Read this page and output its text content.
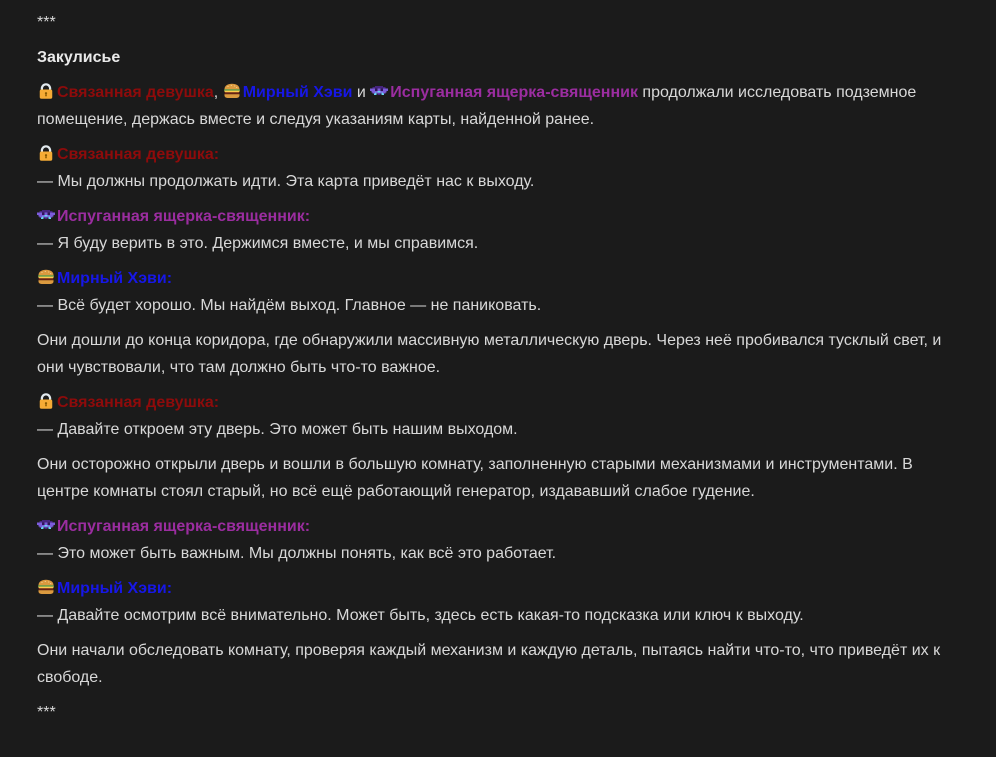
***

Закулисье

Связанная девушка,
Мирный Хэви и
Испуганная ящерка-священник продолжали исследовать подземное помещение, держась вместе и следуя указаниям карты, найденной ранее.

Связанная девушка:
— Мы должны продолжать идти. Эта карта приведёт нас к выходу.

Испуганная ящерка-священник:
— Я буду верить в это. Держимся вместе, и мы справимся.

Мирный Хэви:
— Всё будет хорошо. Мы найдём выход. Главное — не паниковать.

Они дошли до конца коридора, где обнаружили массивную металлическую дверь. Через неё пробивался тусклый свет, и они чувствовали, что там должно быть что-то важное.

Связанная девушка:
— Давайте откроем эту дверь. Это может быть нашим выходом.

Они осторожно открыли дверь и вошли в большую комнату, заполненную старыми механизмами и инструментами. В центре комнаты стоял старый, но всё ещё работающий генератор, издававший слабое гудение.

Испуганная ящерка-священник:
— Это может быть важным. Мы должны понять, как всё это работает.

Мирный Хэви:
— Давайте осмотрим всё внимательно. Может быть, здесь есть какая-то подсказка или ключ к выходу.

Они начали обследовать комнату, проверяя каждый механизм и каждую деталь, пытаясь найти что-то, что приведёт их к свободе.

***
